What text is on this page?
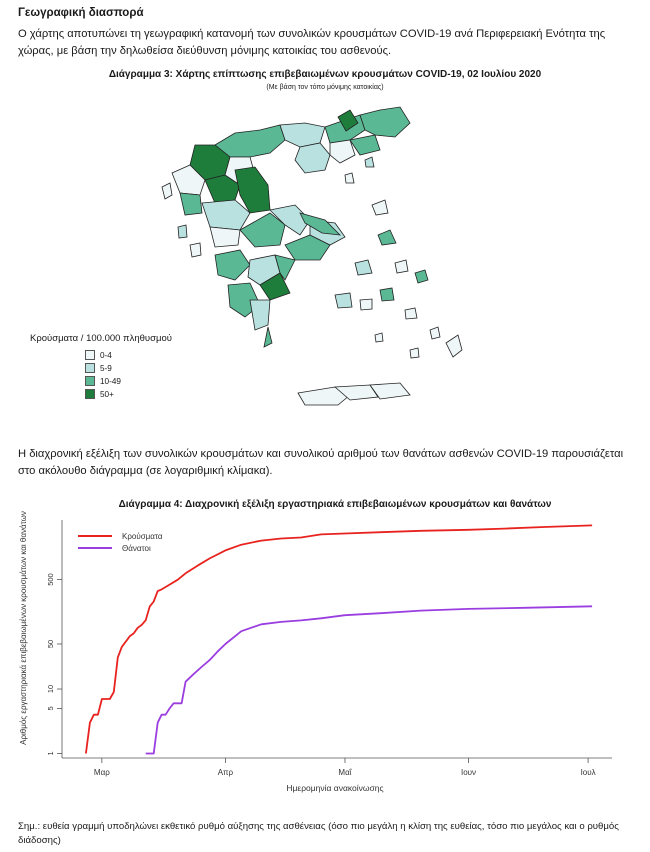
Γεωγραφική διασπορά
Ο χάρτης αποτυπώνει τη γεωγραφική κατανομή των συνολικών κρουσμάτων COVID-19 ανά Περιφερειακή Ενότητα της χώρας, με βάση την δηλωθείσα διεύθυνση μόνιμης κατοικίας του ασθενούς.
Διάγραμμα 3: Χάρτης επίπτωσης επιβεβαιωμένων κρουσμάτων COVID-19, 02 Ιουλίου 2020
(Με βάση τον τόπο μόνιμης κατοικίας)
Κρούσματα / 100.000 πληθυσμού
0-4
5-9
10-49
50+
Η διαχρονική εξέλιξη των συνολικών κρουσμάτων και συνολικού αριθμού των θανάτων ασθενών COVID-19 παρουσιάζεται στο ακόλουθο διάγραμμα (σε λογαριθμική κλίμακα).
Διάγραμμα 4: Διαχρονική εξέλιξη εργαστηριακά επιβεβαιωμένων κρουσμάτων και θανάτων
1
5
10
50
500
Μαρ	Απρ	Μαΐ	Ιουν	Ιουλ
Κρούσματα
Θάνατοι
Ημερομηνία ανακοίνωσης
Αριθμός εργαστηριακά επιβεβαιωμένων κρουσμάτων και θανάτων
Σημ.: ευθεία γραμμή υποδηλώνει εκθετικό ρυθμό αύξησης της ασθένειας (όσο πιο μεγάλη η κλίση της ευθείας, τόσο πιο μεγάλος και ο ρυθμός διάδοσης)
